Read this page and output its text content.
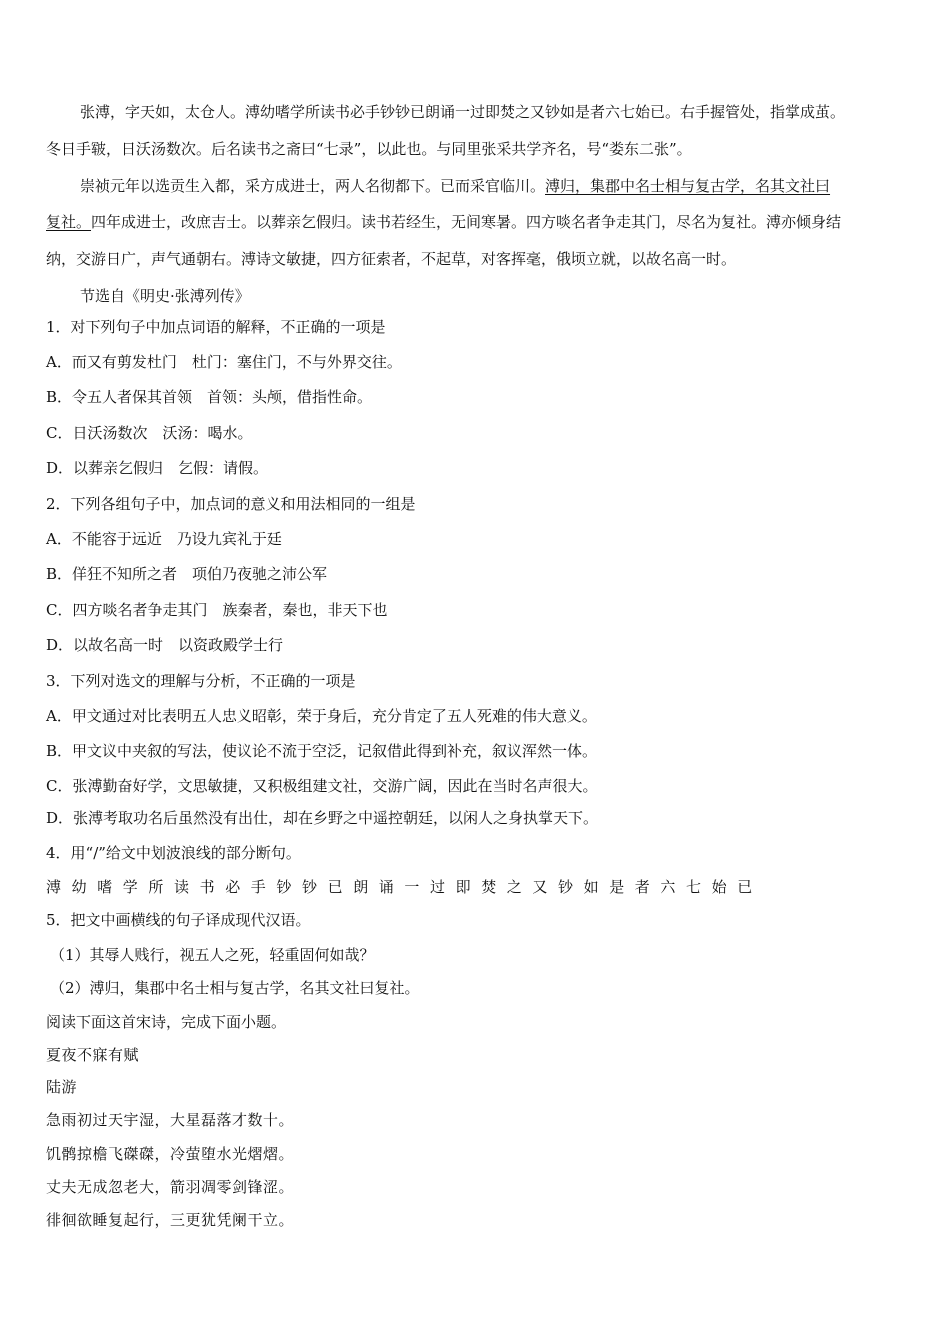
张溥，字天如，太仓人。溥幼嗜学所读书必手钞钞已朗诵一过即焚之又钞如是者六七始已。右手握管处，指掌成茧。
冬日手皲，日沃汤数次。后名读书之斋曰“七录”，以此也。与同里张采共学齐名，号“娄东二张”。
崇祯元年以选贡生入都，采方成进士，两人名彻都下。已而采官临川。溥归，集郡中名士相与复古学，名其文社曰
复社。四年成进士，改庶吉士。以葬亲乞假归。读书若经生，无间寒暑。四方啖名者争走其门，尽名为复社。溥亦倾身结
纳，交游日广，声气通朝右。溥诗文敏捷，四方征索者，不起草，对客挥毫，俄顷立就，以故名高一时。
节选自《明史·张溥列传》
1．对下列句子中加点词语的解释，不正确的一项是
A．而又有剪发杜门　杜门：塞住门，不与外界交往。
B．令五人者保其首领　首领：头颅，借指性命。
C．日沃汤数次　沃汤：喝水。
D．以葬亲乞假归　乞假：请假。
2．下列各组句子中，加点词的意义和用法相同的一组是
A．不能容于远近　乃设九宾礼于廷
B．佯狂不知所之者　项伯乃夜驰之沛公军
C．四方啖名者争走其门　族秦者，秦也，非天下也
D．以故名高一时　以资政殿学士行
3．下列对选文的理解与分析，不正确的一项是
A．甲文通过对比表明五人忠义昭彰，荣于身后，充分肯定了五人死难的伟大意义。
B．甲文议中夹叙的写法，使议论不流于空泛，记叙借此得到补充，叙议浑然一体。
C．张溥勤奋好学，文思敏捷，又积极组建文社，交游广阔，因此在当时名声很大。
D．张溥考取功名后虽然没有出仕，却在乡野之中遥控朝廷，以闲人之身执掌天下。
4．用“/”给文中划波浪线的部分断句。
溥幼嗜学所读书必手钞钞已朗诵一过即焚之又钞如是者六七始已
5．把文中画横线的句子译成现代汉语。
（1）其辱人贱行，视五人之死，轻重固何如哉？
（2）溥归，集郡中名士相与复古学，名其文社曰复社。
阅读下面这首宋诗，完成下面小题。
夏夜不寐有赋
陆游
急雨初过天宇湿，大星磊落才数十。
饥鹘掠檐飞磔磔，冷萤堕水光熠熠。
丈夫无成忽老大，箭羽凋零剑锋涩。
徘徊欲睡复起行，三更犹凭阑干立。
